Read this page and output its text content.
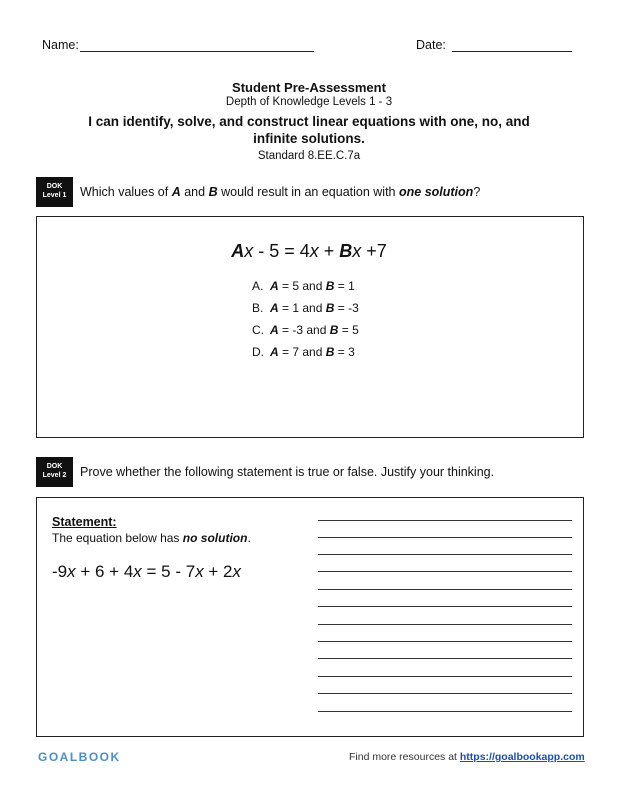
Name:	Date:
Student Pre-Assessment
Depth of Knowledge Levels 1 - 3
I can identify, solve, and construct linear equations with one, no, and infinite solutions.
Standard 8.EE.C.7a
DOK
Level 1	Which values of A and B would result in an equation with one solution?
Ax - 5 = 4x + Bx +7
A. A = 5 and B = 1
B. A = 1 and B = -3
C. A = -3 and B = 5
D. A = 7 and B = 3
DOK
Level 2	Prove whether the following statement is true or false. Justify your thinking.
Statement:
The equation below has no solution.
-9x + 6 + 4x = 5 - 7x + 2x
GOALBOOK	Find more resources at https://goalbookapp.com
